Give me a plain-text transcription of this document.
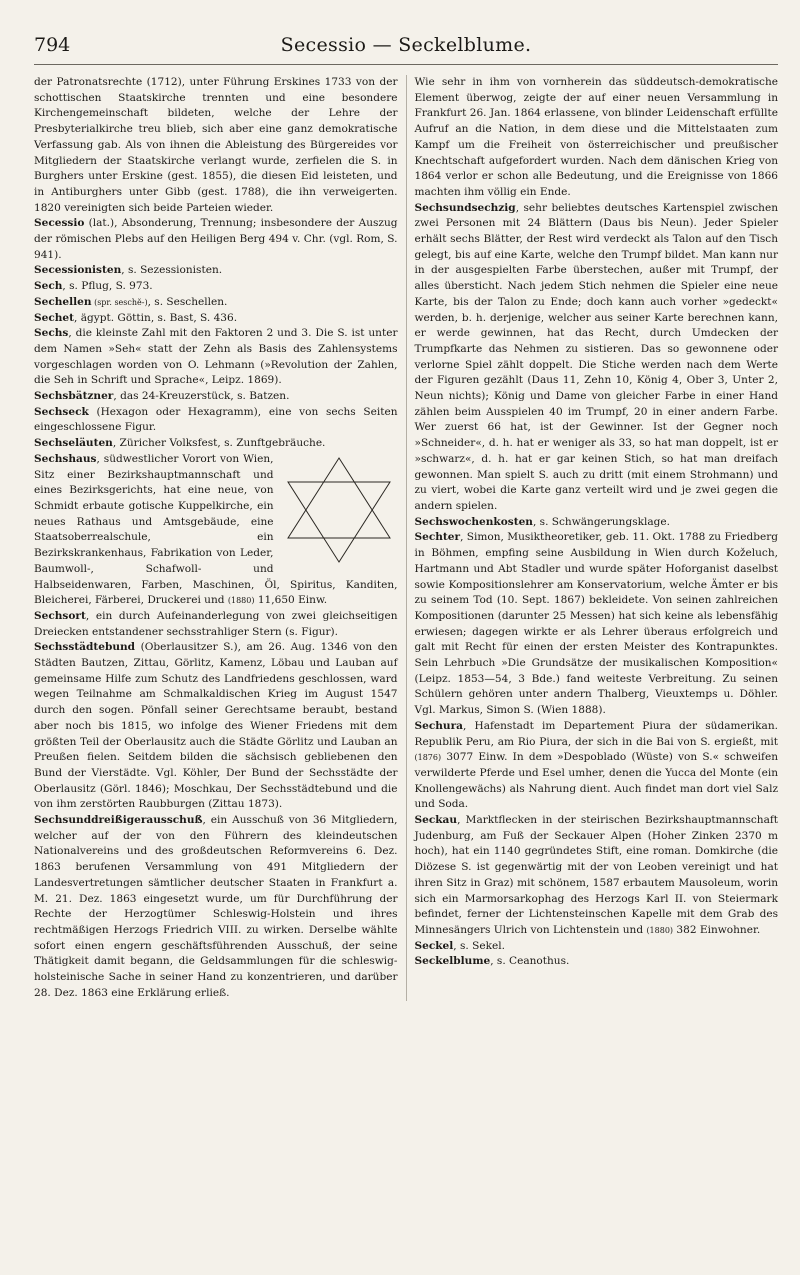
794	Secessio — Seckelblume.

der Patronatsrechte (1712), unter Führung Erskines 1733 von der schottischen Staatskirche trennten und eine besondere Kirchengemeinschaft bildeten, welche der Lehre der Presbyterialkirche treu blieb, sich aber eine ganz demokratische Verfassung gab. Als von ihnen die Ableistung des Bürgereides vor Mitgliedern der Staatskirche verlangt wurde, zerfielen die S. in Burghers unter Erskine (gest. 1855), die diesen Eid leisteten, und in Antiburghers unter Gibb (gest. 1788), die ihn verweigerten. 1820 vereinigten sich beide Parteien wieder.

Secessio (lat.), Absonderung, Trennung; insbesondere der Auszug der römischen Plebs auf den Heiligen Berg 494 v. Chr. (vgl. Rom, S. 941).

Secessionisten, s. Sezessionisten.

Sech, s. Pflug, S. 973.

Sechellen (spr. seschĕ-), s. Seschellen.

Sechet, ägypt. Göttin, s. Bast, S. 436.

Sechs, die kleinste Zahl mit den Faktoren 2 und 3. Die S. ist unter dem Namen »Seh« statt der Zehn als Basis des Zahlensystems vorgeschlagen worden von O. Lehmann (»Revolution der Zahlen, die Seh in Schrift und Sprache«, Leipz. 1869).

Sechsbätzner, das 24-Kreuzerstück, s. Batzen.

Sechseck (Hexagon oder Hexagramm), eine von sechs Seiten eingeschlossene Figur.

Sechseläuten, Züricher Volksfest, s. Zunftgebräuche.

Sechshaus, südwestlicher Vorort von Wien, Sitz einer Bezirkshauptmannschaft und eines Bezirksgerichts, hat eine neue, von Schmidt erbaute gotische Kuppelkirche, ein neues Rathaus und Amtsgebäude, eine Staatsoberrealschule, ein Bezirkskrankenhaus, Fabrikation von Leder, Baumwoll-, Schafwoll- und Halbseidenwaren, Farben, Maschinen, Öl, Spiritus, Kanditen, Bleicherei, Färberei, Druckerei und (1880) 11,650 Einw.

Sechsort, ein durch Aufeinanderlegung von zwei gleichseitigen Dreiecken entstandener sechsstrahliger Stern (s. Figur).

Sechsstädtebund (Oberlausitzer S.), am 26. Aug. 1346 von den Städten Bautzen, Zittau, Görlitz, Kamenz, Löbau und Lauban auf gemeinsame Hilfe zum Schutz des Landfriedens geschlossen, ward wegen Teilnahme am Schmalkaldischen Krieg im August 1547 durch den sogen. Pönfall seiner Gerechtsame beraubt, bestand aber noch bis 1815, wo infolge des Wiener Friedens mit dem größten Teil der Oberlausitz auch die Städte Görlitz und Lauban an Preußen fielen. Seitdem bilden die sächsisch gebliebenen den Bund der Vierstädte. Vgl. Köhler, Der Bund der Sechsstädte der Oberlausitz (Görl. 1846); Moschkau, Der Sechsstädtebund und die von ihm zerstörten Raubburgen (Zittau 1873).

Sechsunddreißigerausschuß, ein Ausschuß von 36 Mitgliedern, welcher auf der von den Führern des kleindeutschen Nationalvereins und des großdeutschen Reformvereins 6. Dez. 1863 berufenen Versammlung von 491 Mitgliedern der Landesvertretungen sämtlicher deutscher Staaten in Frankfurt a. M. 21. Dez. 1863 eingesetzt wurde, um für Durchführung der Rechte der Herzogtümer Schleswig-Holstein und ihres rechtmäßigen Herzogs Friedrich VIII. zu wirken. Derselbe wählte sofort einen engern geschäftsführenden Ausschuß, der seine Thätigkeit damit begann, die Geldsammlungen für die schleswig-holsteinische Sache in seiner Hand zu konzentrieren, und darüber 28. Dez. 1863 eine Erklärung erließ.

Wie sehr in ihm von vornherein das süddeutsch-demokratische Element überwog, zeigte der auf einer neuen Versammlung in Frankfurt 26. Jan. 1864 erlassene, von blinder Leidenschaft erfüllte Aufruf an die Nation, in dem diese und die Mittelstaaten zum Kampf um die Freiheit von österreichischer und preußischer Knechtschaft aufgefordert wurden. Nach dem dänischen Krieg von 1864 verlor er schon alle Bedeutung, und die Ereignisse von 1866 machten ihm völlig ein Ende.

Sechsundsechzig, sehr beliebtes deutsches Kartenspiel zwischen zwei Personen mit 24 Blättern (Daus bis Neun). Jeder Spieler erhält sechs Blätter, der Rest wird verdeckt als Talon auf den Tisch gelegt, bis auf eine Karte, welche den Trumpf bildet. Man kann nur in der ausgespielten Farbe überstechen, außer mit Trumpf, der alles übersticht. Nach jedem Stich nehmen die Spieler eine neue Karte, bis der Talon zu Ende; doch kann auch vorher »gedeckt« werden, b. h. derjenige, welcher aus seiner Karte berechnen kann, er werde gewinnen, hat das Recht, durch Umdecken der Trumpfkarte das Nehmen zu sistieren. Das so gewonnene oder verlorne Spiel zählt doppelt. Die Stiche werden nach dem Werte der Figuren gezählt (Daus 11, Zehn 10, König 4, Ober 3, Unter 2, Neun nichts); König und Dame von gleicher Farbe in einer Hand zählen beim Ausspielen 40 im Trumpf, 20 in einer andern Farbe. Wer zuerst 66 hat, ist der Gewinner. Ist der Gegner noch »Schneider«, d. h. hat er weniger als 33, so hat man doppelt, ist er »schwarz«, d. h. hat er gar keinen Stich, so hat man dreifach gewonnen. Man spielt S. auch zu dritt (mit einem Strohmann) und zu viert, wobei die Karte ganz verteilt wird und je zwei gegen die andern spielen.

Sechswochenkosten, s. Schwängerungsklage.

Sechter, Simon, Musiktheoretiker, geb. 11. Okt. 1788 zu Friedberg in Böhmen, empfing seine Ausbildung in Wien durch Koželuch, Hartmann und Abt Stadler und wurde später Hoforganist daselbst sowie Kompositionslehrer am Konservatorium, welche Ämter er bis zu seinem Tod (10. Sept. 1867) bekleidete. Von seinen zahlreichen Kompositionen (darunter 25 Messen) hat sich keine als lebensfähig erwiesen; dagegen wirkte er als Lehrer überaus erfolgreich und galt mit Recht für einen der ersten Meister des Kontrapunktes. Sein Lehrbuch »Die Grundsätze der musikalischen Komposition« (Leipz. 1853—54, 3 Bde.) fand weiteste Verbreitung. Zu seinen Schülern gehören unter andern Thalberg, Vieuxtemps u. Döhler. Vgl. Markus, Simon S. (Wien 1888).

Sechura, Hafenstadt im Departement Piura der südamerikan. Republik Peru, am Rio Piura, der sich in die Bai von S. ergießt, mit (1876) 3077 Einw. In dem »Despoblado (Wüste) von S.« schweifen verwilderte Pferde und Esel umher, denen die Yucca del Monte (ein Knollengewächs) als Nahrung dient. Auch findet man dort viel Salz und Soda.

Seckau, Marktflecken in der steirischen Bezirkshauptmannschaft Judenburg, am Fuß der Seckauer Alpen (Hoher Zinken 2370 m hoch), hat ein 1140 gegründetes Stift, eine roman. Domkirche (die Diözese S. ist gegenwärtig mit der von Leoben vereinigt und hat ihren Sitz in Graz) mit schönem, 1587 erbautem Mausoleum, worin sich ein Marmorsarkophag des Herzogs Karl II. von Steiermark befindet, ferner der Lichtensteinschen Kapelle mit dem Grab des Minnesängers Ulrich von Lichtenstein und (1880) 382 Einwohner.

Seckel, s. Sekel.

Seckelblume, s. Ceanothus.
